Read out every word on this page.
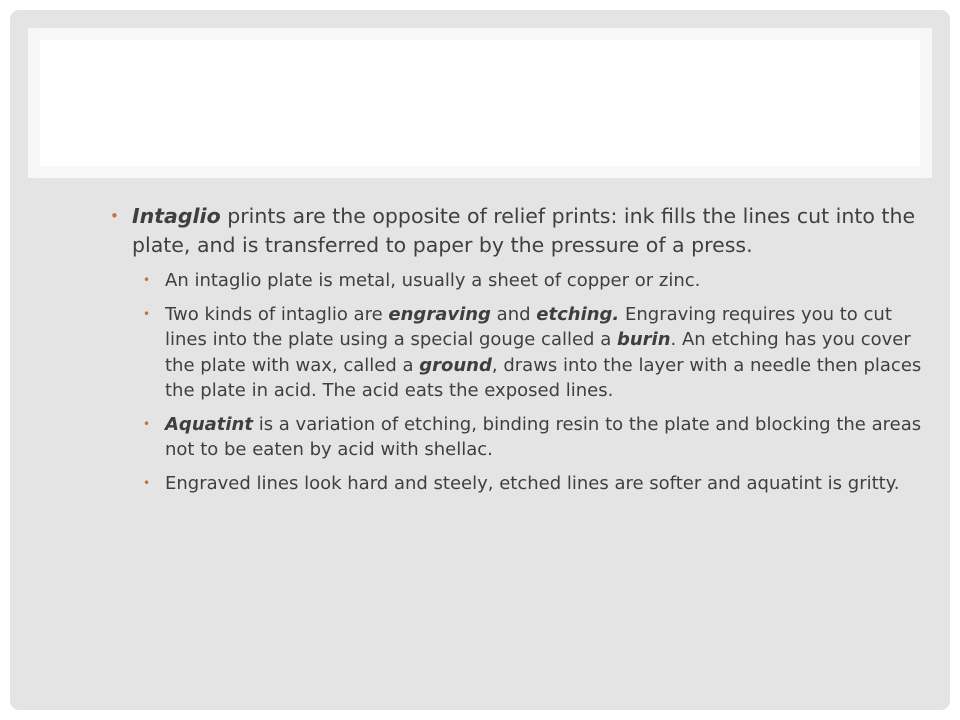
• Intaglio prints are the opposite of relief prints: ink fills the lines cut into the plate, and is transferred to paper by the pressure of a press.

• An intaglio plate is metal, usually a sheet of copper or zinc.

• Two kinds of intaglio are engraving and etching. Engraving requires you to cut lines into the plate using a special gouge called a burin. An etching has you cover the plate with wax, called a ground, draws into the layer with a needle then places the plate in acid. The acid eats the exposed lines.

• Aquatint is a variation of etching, binding resin to the plate and blocking the areas not to be eaten by acid with shellac.

• Engraved lines look hard and steely, etched lines are softer and aquatint is gritty.
